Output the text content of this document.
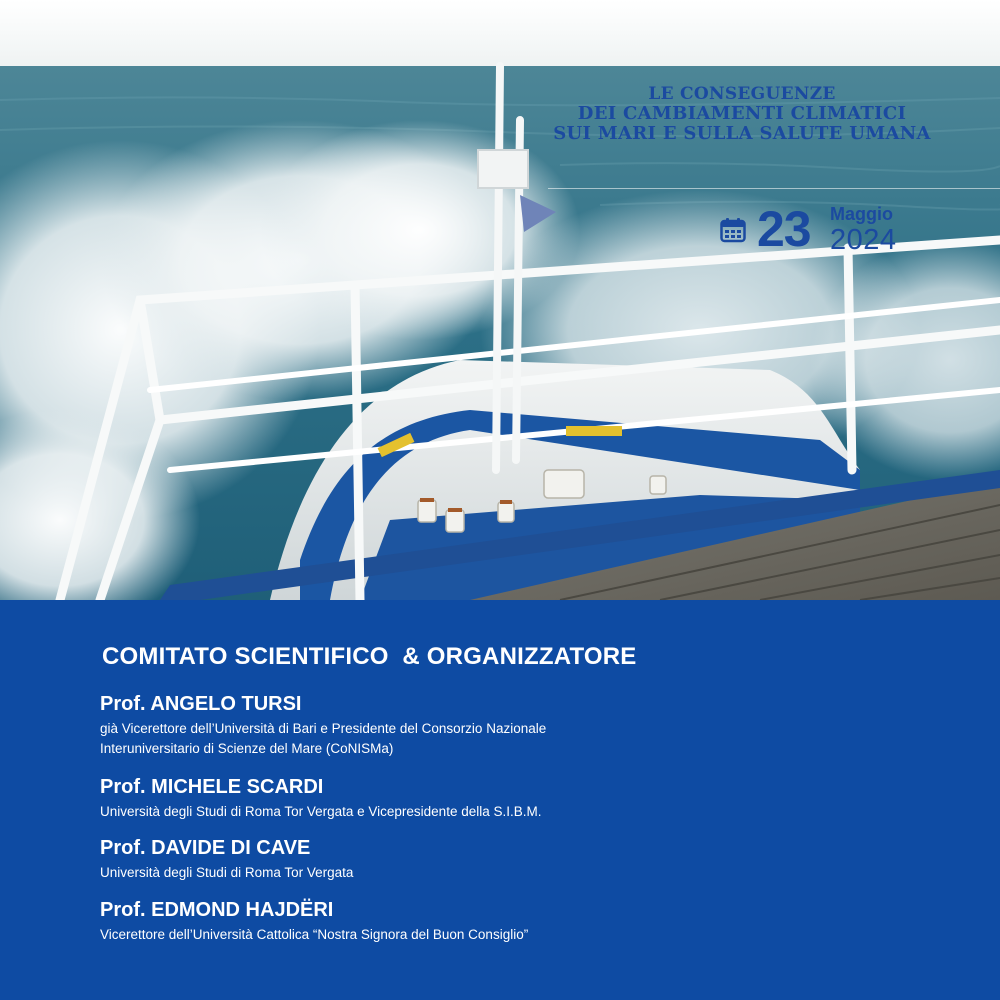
LE CONSEGUENZE
DEI CAMBIAMENTI CLIMATICI
SUI MARI E SULLA SALUTE UMANA
23 Maggio
2024
COMITATO SCIENTIFICO  & ORGANIZZATORE
Prof. ANGELO TURSI
già Vicerettore dell’Università di Bari e Presidente del Consorzio Nazionale
Interuniversitario di Scienze del Mare (CoNISMa)
Prof. MICHELE SCARDI
Università degli Studi di Roma Tor Vergata e Vicepresidente della S.I.B.M.
Prof. DAVIDE DI CAVE
Università degli Studi di Roma Tor Vergata
Prof. EDMOND HAJDËRI
Vicerettore dell’Università Cattolica “Nostra Signora del Buon Consiglio”
